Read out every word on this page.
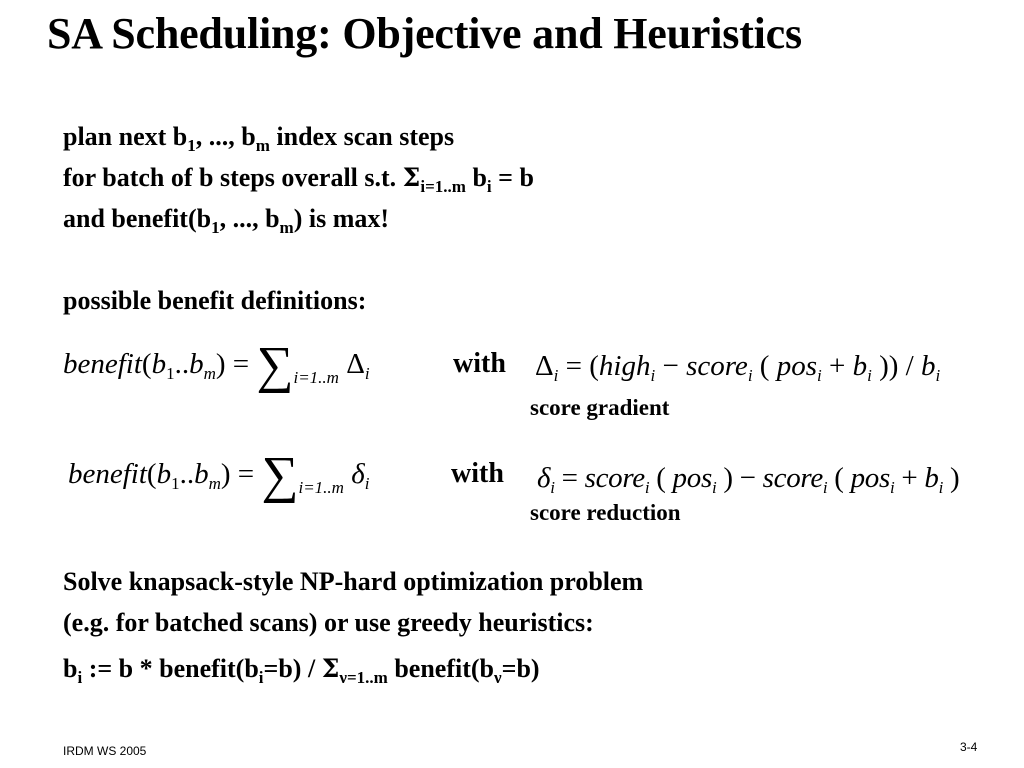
SA Scheduling: Objective and Heuristics
plan next $b_1$, ..., $b_m$ index scan steps
for batch of b steps overall s.t. $\Sigma_{i=1..m}$ $b_i = b$
and $benefit(b_1$, ..., $b_m$) is max!
possible benefit definitions:
$benefit(b_1..b_m) = \sum_{i=1..m}$ $\Delta_i$	with $\Delta_i$ = (high$_i$ − score$_i$ ( $pos_i + b_i$ )) / $b_i$
score gradient
$benefit(b_1..b_m) = \sum_{i=1..m}$ $\delta_i$	with $\delta_i$ = score$_i$ ( pos$_i$ ) − score$_i$ ( $pos_i + b_i$ )
score reduction
Solve knapsack-style NP-hard optimization problem
(e.g. for batched scans) or use greedy heuristics:
$b_i$ := $b * benefit(b_i=b) / \Sigma_{\nu=1..m}$ $benefit(b_\nu=b)$
IRDM WS 2005	3-4
